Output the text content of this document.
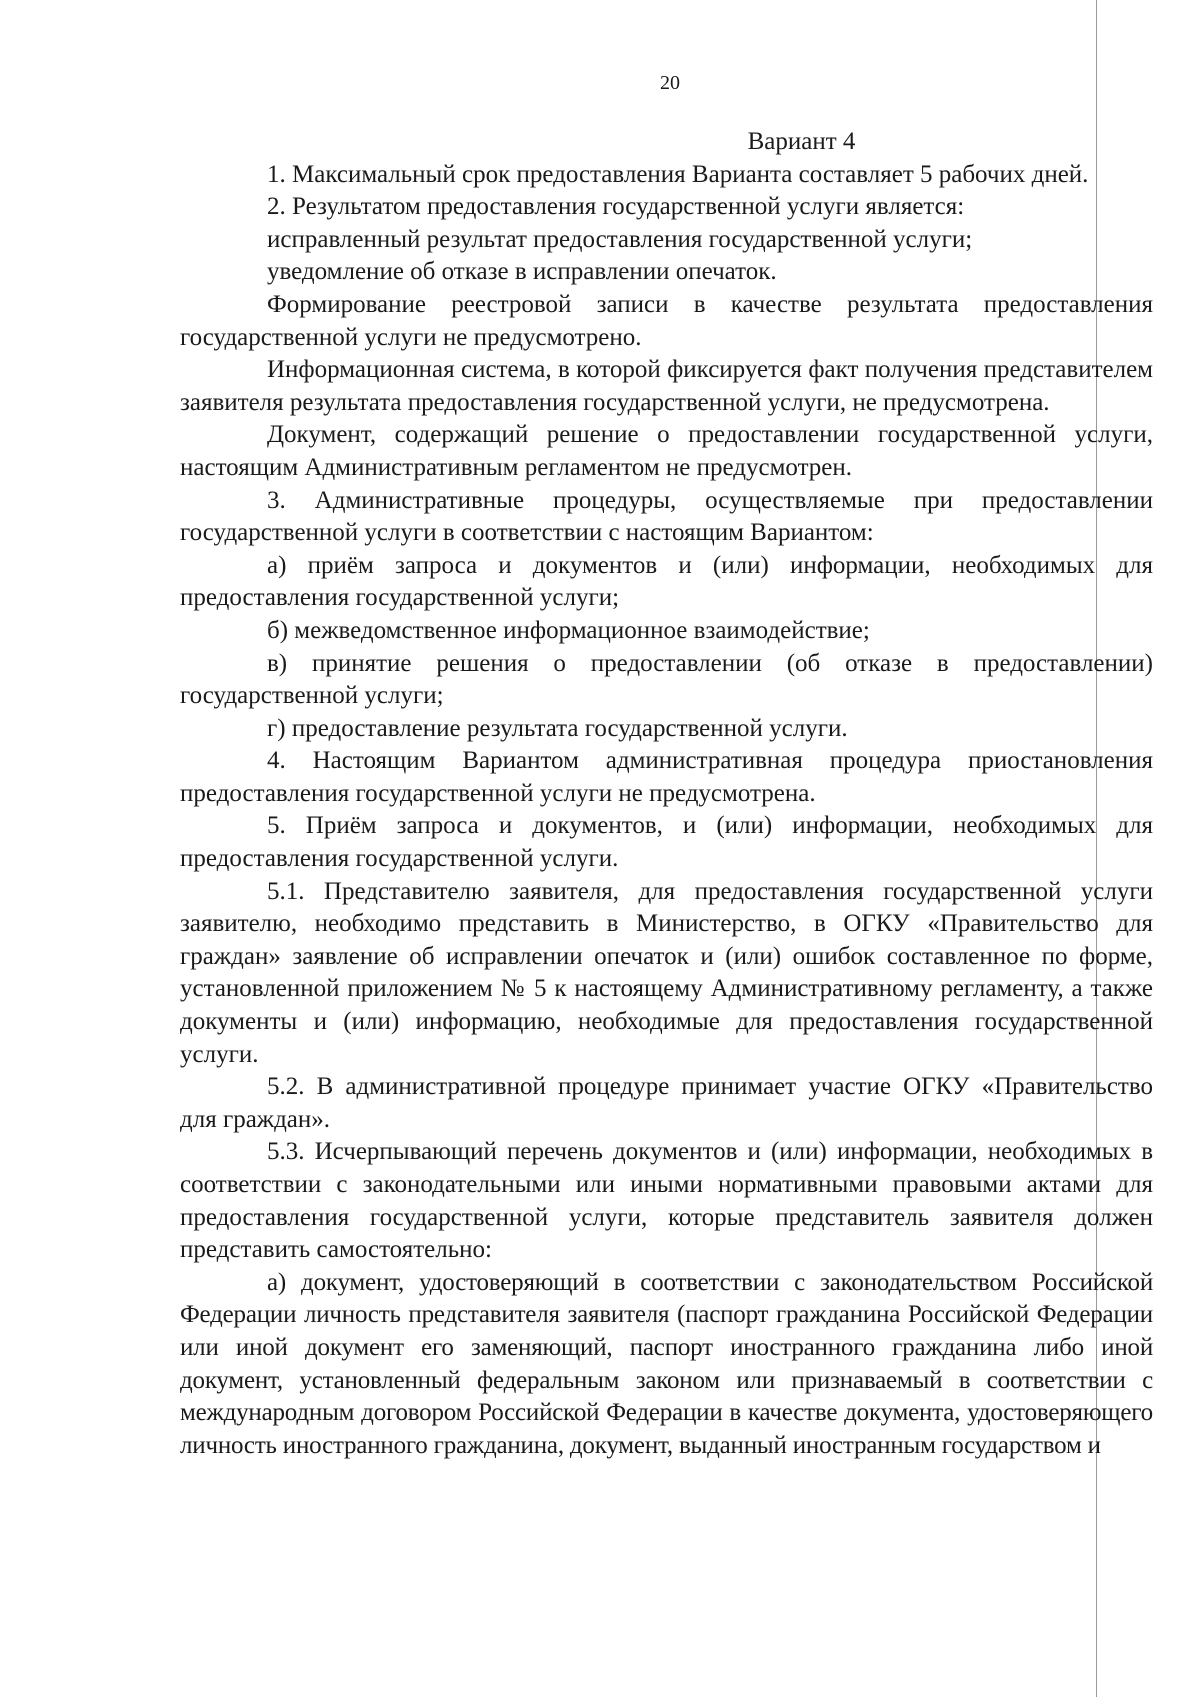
20
Вариант 4

1. Максимальный срок предоставления Варианта составляет 5 рабочих дней.

2. Результатом предоставления государственной услуги является:

исправленный результат предоставления государственной услуги;

уведомление об отказе в исправлении опечаток.

Формирование реестровой записи в качестве результата предоставления государственной услуги не предусмотрено.

Информационная система, в которой фиксируется факт получения представителем заявителя результата предоставления государственной услуги, не предусмотрена.

Документ, содержащий решение о предоставлении государственной услуги, настоящим Административным регламентом не предусмотрен.

3. Административные процедуры, осуществляемые при предоставлении государственной услуги в соответствии с настоящим Вариантом:

а) приём запроса и документов и (или) информации, необходимых для предоставления государственной услуги;

б) межведомственное информационное взаимодействие;

в) принятие решения о предоставлении (об отказе в предоставлении) государственной услуги;

г) предоставление результата государственной услуги.

4. Настоящим Вариантом административная процедура приостановления предоставления государственной услуги не предусмотрена.

5. Приём запроса и документов, и (или) информации, необходимых для предоставления государственной услуги.

5.1. Представителю заявителя, для предоставления государственной услуги заявителю, необходимо представить в Министерство, в ОГКУ «Правительство для граждан» заявление об исправлении опечаток и (или) ошибок составленное по форме, установленной приложением № 5 к настоящему Административному регламенту, а также документы и (или) информацию, необходимые для предоставления государственной услуги.

5.2. В административной процедуре принимает участие ОГКУ «Правительство для граждан».

5.3. Исчерпывающий перечень документов и (или) информации, необходимых в соответствии с законодательными или иными нормативными правовыми актами для предоставления государственной услуги, которые представитель заявителя должен представить самостоятельно:

а) документ, удостоверяющий в соответствии с законодательством Российской Федерации личность представителя заявителя (паспорт гражданина Российской Федерации или иной документ его заменяющий, паспорт иностранного гражданина либо иной документ, установленный федеральным законом или признаваемый в соответствии с международным договором Российской Федерации в качестве документа, удостоверяющего личность иностранного гражданина, документ, выданный иностранным государством и
